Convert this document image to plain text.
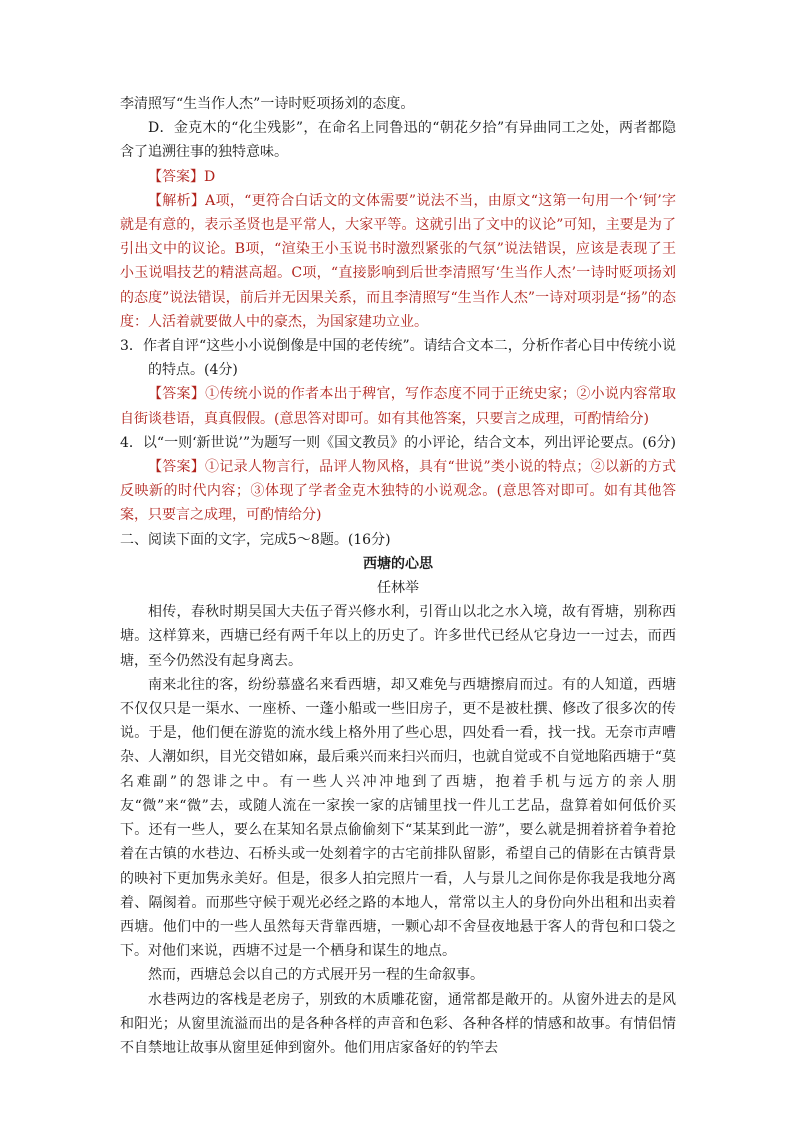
李清照写“生当作人杰”一诗时贬项扬刘的态度。

D．金克木的“化尘残影”，在命名上同鲁迅的“朝花夕拾”有异曲同工之处，两者都隐含了追溯往事的独特意味。

【答案】D

【解析】A项，“更符合白话文的文体需要”说法不当，由原文“这第一句用一个‘钶’字就是有意的，表示圣贤也是平常人，大家平等。这就引出了文中的议论”可知，主要是为了引出文中的议论。B项，“渲染王小玉说书时激烈紧张的气氛”说法错误，应该是表现了王小玉说唱技艺的精湛高超。C项，“直接影响到后世李清照写‘生当作人杰’一诗时贬项扬刘的态度”说法错误，前后并无因果关系，而且李清照写“生当作人杰”一诗对项羽是“扬”的态度：人活着就要做人中的豪杰，为国家建功立业。

3．作者自评“这些小小说倒像是中国的老传统”。请结合文本二，分析作者心目中传统小说的特点。(4分)

【答案】①传统小说的作者本出于稗官，写作态度不同于正统史家；②小说内容常取自街谈巷语，真真假假。(意思答对即可。如有其他答案，只要言之成理，可酌情给分)

4．以“一则‘新世说’”为题写一则《国文教员》的小评论，结合文本，列出评论要点。(6分)

【答案】①记录人物言行，品评人物风格，具有“世说”类小说的特点；②以新的方式反映新的时代内容；③体现了学者金克木独特的小说观念。(意思答对即可。如有其他答案，只要言之成理，可酌情给分)

二、阅读下面的文字，完成5～8题。(16分)

西塘的心思

任林举

相传，春秋时期吴国大夫伍子胥兴修水利，引胥山以北之水入境，故有胥塘，别称西塘。这样算来，西塘已经有两千年以上的历史了。许多世代已经从它身边一一过去，而西塘，至今仍然没有起身离去。

南来北往的客，纷纷慕盛名来看西塘，却又难免与西塘擦肩而过。有的人知道，西塘不仅仅只是一渠水、一座桥、一蓬小船或一些旧房子，更不是被杜撰、修改了很多次的传说。于是，他们便在游览的流水线上格外用了些心思，四处看一看，找一找。无奈市声嘈杂、人潮如织，目光交错如麻，最后乘兴而来扫兴而归，也就自觉或不自觉地陷西塘于“莫名难副”的怨诽之中。有一些人兴冲冲地到了西塘，抱着手机与远方的亲人朋友“微”来“微”去，或随人流在一家挨一家的店铺里找一件儿工艺品，盘算着如何低价买下。还有一些人，要么在某知名景点偷偷刻下“某某到此一游”，要么就是拥着挤着争着抢着在古镇的水巷边、石桥头或一处刻着字的古宅前排队留影，希望自己的倩影在古镇背景的映衬下更加隽永美好。但是，很多人拍完照片一看，人与景儿之间你是你我是我地分离着、隔阂着。而那些守候于观光必经之路的本地人，常常以主人的身份向外出租和出卖着西塘。他们中的一些人虽然每天背靠西塘，一颗心却不舍昼夜地悬于客人的背包和口袋之下。对他们来说，西塘不过是一个栖身和谋生的地点。

然而，西塘总会以自己的方式展开另一程的生命叙事。

水巷两边的客栈是老房子，别致的木质雕花窗，通常都是敞开的。从窗外进去的是风和阳光；从窗里流溢而出的是各种各样的声音和色彩、各种各样的情感和故事。有情侣情不自禁地让故事从窗里延伸到窗外。他们用店家备好的钓竿去
